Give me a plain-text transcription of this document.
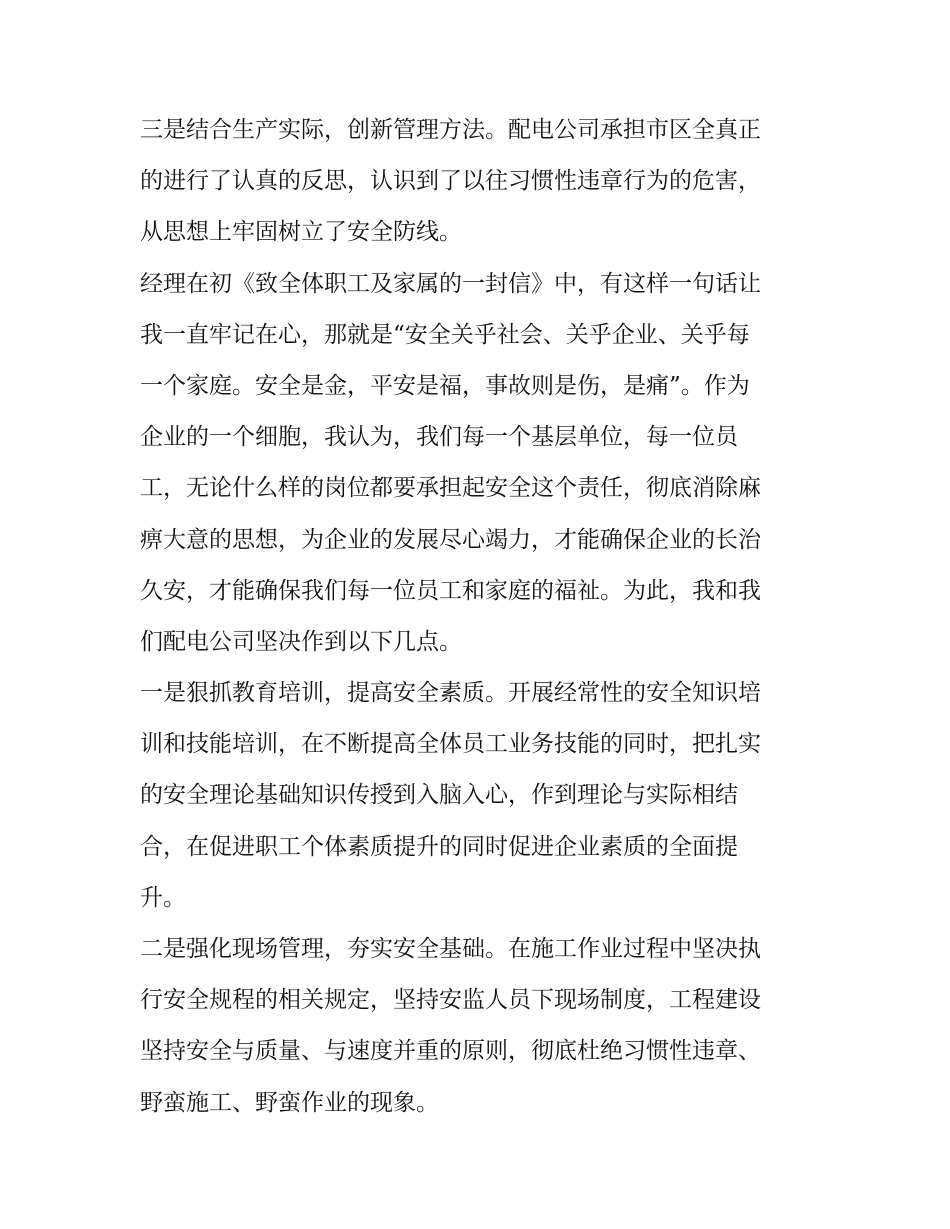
三是结合生产实际，创新管理方法。配电公司承担市区全真正
的进行了认真的反思，认识到了以往习惯性违章行为的危害，
从思想上牢固树立了安全防线。

经理在初《致全体职工及家属的一封信》中，有这样一句话让
我一直牢记在心，那就是“安全关乎社会、关乎企业、关乎每
一个家庭。安全是金，平安是福，事故则是伤，是痛”。作为
企业的一个细胞，我认为，我们每一个基层单位，每一位员
工，无论什么样的岗位都要承担起安全这个责任，彻底消除麻
痹大意的思想，为企业的发展尽心竭力，才能确保企业的长治
久安，才能确保我们每一位员工和家庭的福祉。为此，我和我
们配电公司坚决作到以下几点。

一是狠抓教育培训，提高安全素质。开展经常性的安全知识培
训和技能培训，在不断提高全体员工业务技能的同时，把扎实
的安全理论基础知识传授到入脑入心，作到理论与实际相结
合，在促进职工个体素质提升的同时促进企业素质的全面提
升。

二是强化现场管理，夯实安全基础。在施工作业过程中坚决执
行安全规程的相关规定，坚持安监人员下现场制度，工程建设
坚持安全与质量、与速度并重的原则，彻底杜绝习惯性违章、
野蛮施工、野蛮作业的现象。
